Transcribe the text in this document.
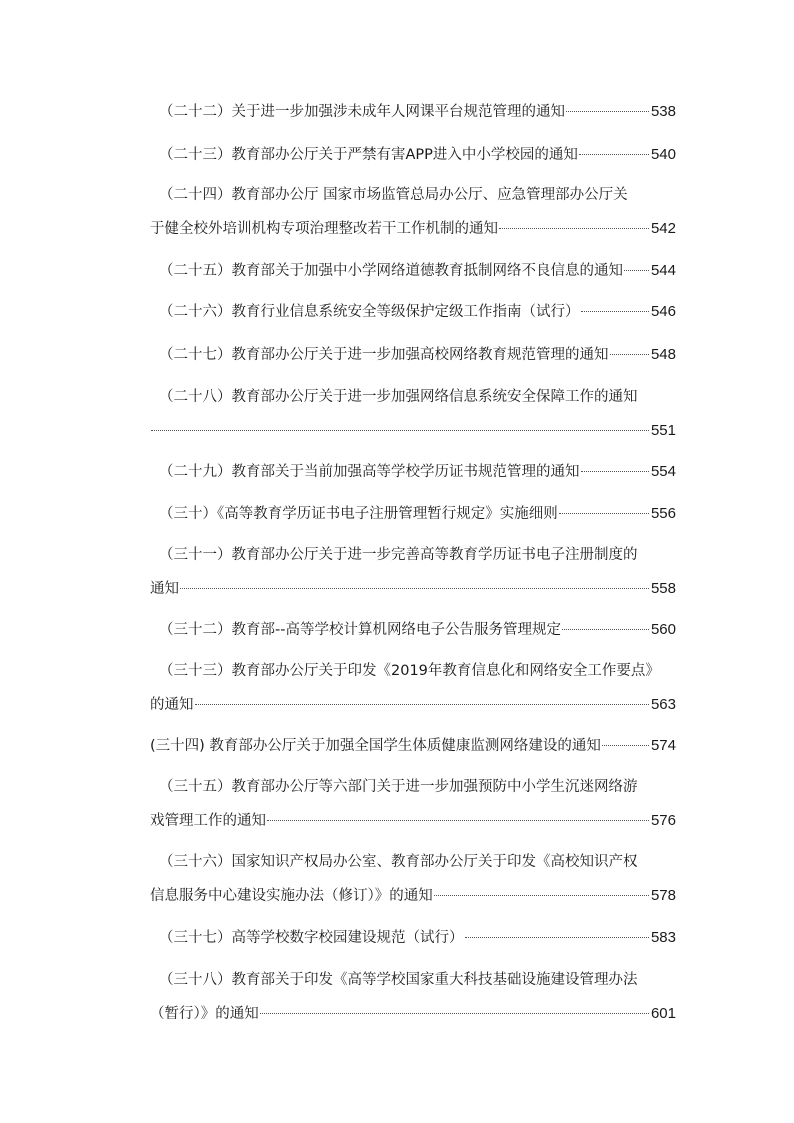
（二十二）关于进一步加强涉未成年人网课平台规范管理的通知	538
（二十三）教育部办公厅关于严禁有害APP进入中小学校园的通知	540
（二十四）教育部办公厅 国家市场监管总局办公厅、应急管理部办公厅关
于健全校外培训机构专项治理整改若干工作机制的通知	542
（二十五）教育部关于加强中小学网络道德教育抵制网络不良信息的通知 544
（二十六）教育行业信息系统安全等级保护定级工作指南（试行）	546
（二十七）教育部办公厅关于进一步加强高校网络教育规范管理的通知	548
（二十八）教育部办公厅关于进一步加强网络信息系统安全保障工作的通知
551
（二十九）教育部关于当前加强高等学校学历证书规范管理的通知	554
（三十）《高等教育学历证书电子注册管理暂行规定》实施细则	556
（三十一）教育部办公厅关于进一步完善高等教育学历证书电子注册制度的
通知	558
（三十二）教育部--高等学校计算机网络电子公告服务管理规定	560
（三十三）教育部办公厅关于印发《2019年教育信息化和网络安全工作要点》
的通知	563
(三十四) 教育部办公厅关于加强全国学生体质健康监测网络建设的通知	574
（三十五）教育部办公厅等六部门关于进一步加强预防中小学生沉迷网络游
戏管理工作的通知	576
（三十六）国家知识产权局办公室、教育部办公厅关于印发《高校知识产权
信息服务中心建设实施办法（修订）》的通知	578
（三十七）高等学校数字校园建设规范（试行）	583
（三十八）教育部关于印发《高等学校国家重大科技基础设施建设管理办法
（暂行）》的通知	601
